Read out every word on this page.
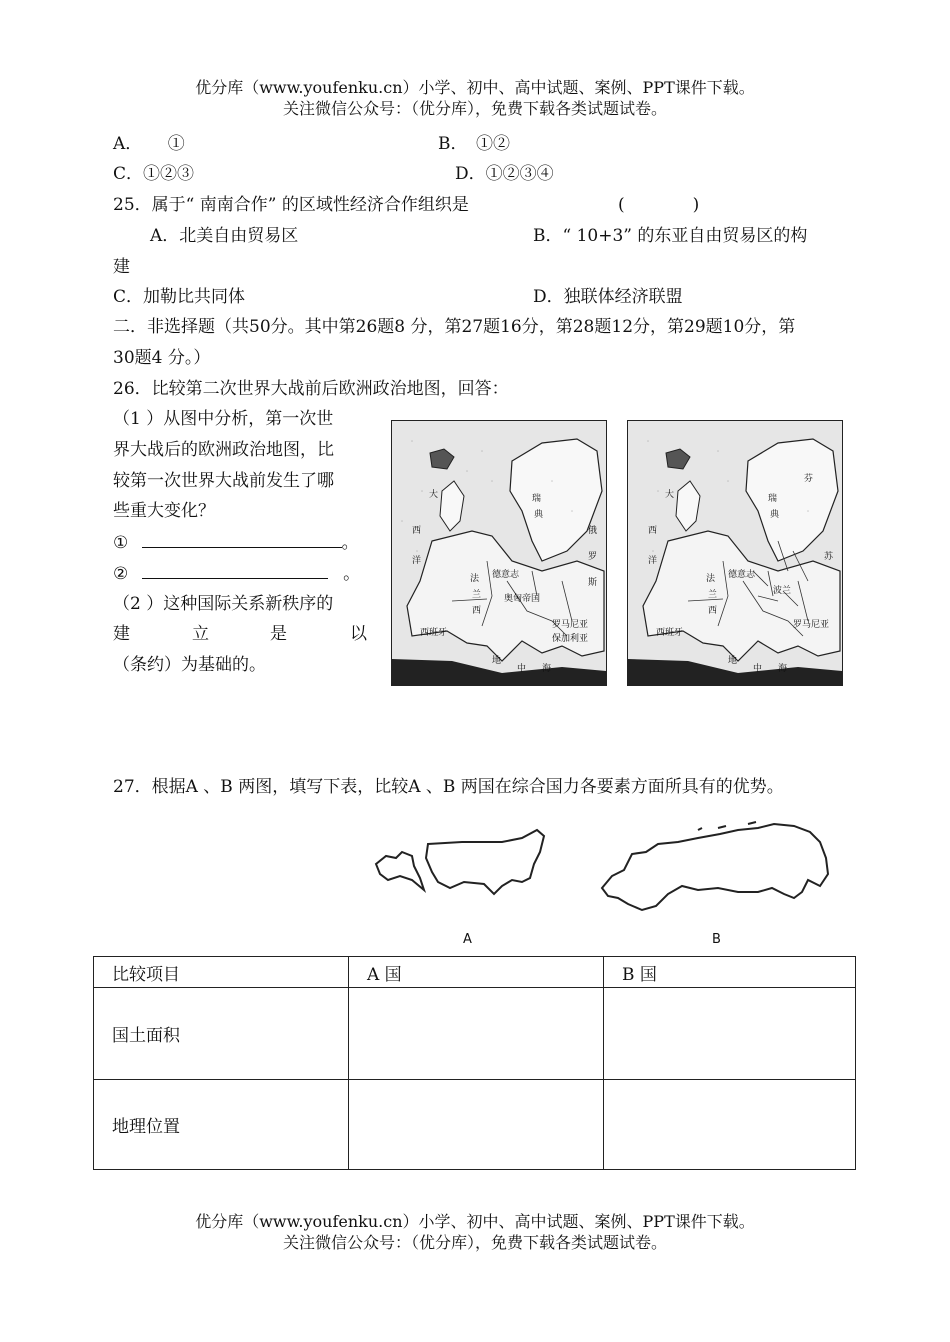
优分库（www.youfenku.cn）小学、初中、高中试题、案例、PPT课件下载。
关注微信公众号：（优分库），免费下载各类试题试卷。
A．　　①	B．　①②
C．①②③	D．①②③④
25．属于“ 南南合作” 的区域性经济合作组织是	(　　　　)
A．北美自由贸易区	B．“ 10+3” 的东亚自由贸易区的构
建
C．加勒比共同体	D．独联体经济联盟
二．非选择题（共50分。其中第26题8 分，第27题16分，第28题12分，第29题10分，第
30题4 分。）
26．比较第二次世界大战前后欧洲政治地图，回答：
（1 ）从图中分析，第一次世
界大战后的欧洲政治地图，比
较第一次世界大战前发生了哪
些重大变化？
①	。
②	。
（2 ）这种国际关系新秩序的
建	立	是	以
（条约）为基础的。
大
西
洋
法
兰
西
西班牙
俄
罗
斯
德意志
奥匈帝国
罗马尼亚
保加利亚
地
中 海
瑞
典
大
西
洋
法
兰
西
西班牙
德意志
波兰
罗马尼亚
地
中 海
苏
芬
瑞
典
27．根据A 、B 两图，填写下表，比较A 、B 两国在综合国力各要素方面所具有的优势。
A	B
比较项目	A 国	B 国
国土面积		
地理位置		
优分库（www.youfenku.cn）小学、初中、高中试题、案例、PPT课件下载。
关注微信公众号：（优分库），免费下载各类试题试卷。
